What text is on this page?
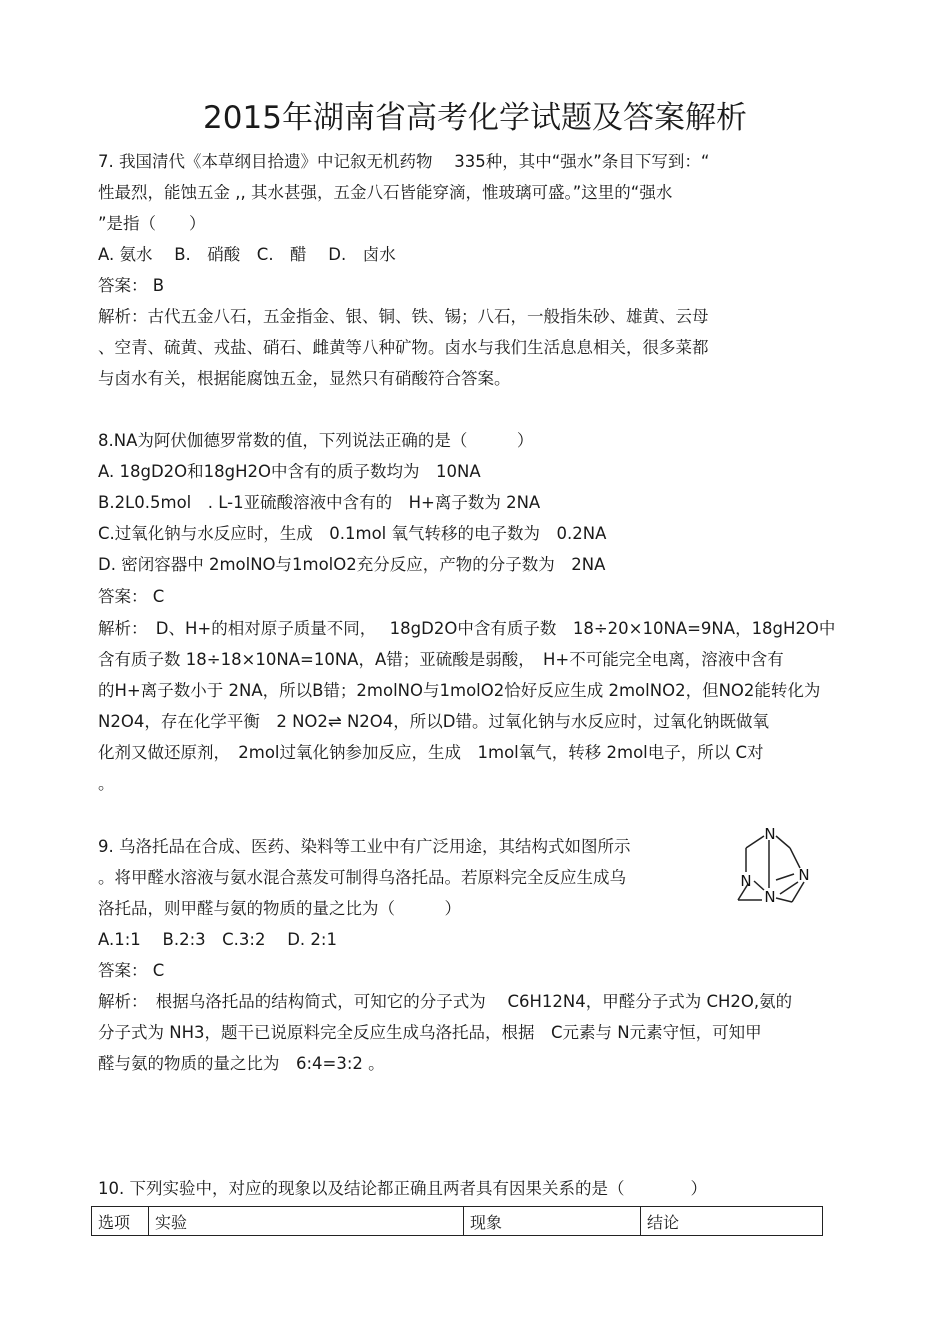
2015年湖南省高考化学试题及答案解析

7. 我国清代《本草纲目拾遗》中记叙无机药物　 335种，其中“强水”条目下写到：“

性最烈，能蚀五金 ,, 其水甚强，五金八石皆能穿滴，惟玻璃可盛。”这里的“强水

”是指（　　）

A. 氨水　 B.　硝酸　C.　醋　 D.　卤水

答案： B

解析：古代五金八石，五金指金、银、铜、铁、锡；八石，一般指朱砂、雄黄、云母

、空青、硫黄、戎盐、硝石、雌黄等八种矿物。卤水与我们生活息息相关，很多菜都

与卤水有关，根据能腐蚀五金，显然只有硝酸符合答案。

8.NA为阿伏伽德罗常数的值，下列说法正确的是（　　　）

A. 18gD2O和18gH2O中含有的质子数均为　10NA

B.2L0.5mol　. L-1亚硫酸溶液中含有的　H+离子数为 2NA

C.过氧化钠与水反应时，生成　0.1mol 氧气转移的电子数为　0.2NA

D. 密闭容器中 2molNO与1molO2充分反应，产物的分子数为　2NA

答案： C

解析：　D、H+的相对原子质量不同，　 18gD2O中含有质子数　18÷20×10NA=9NA，18gH2O中

含有质子数 18÷18×10NA=10NA，A错；亚硫酸是弱酸，　H+不可能完全电离，溶液中含有

的H+离子数小于 2NA，所以B错；2molNO与1molO2恰好反应生成 2molNO2，但NO2能转化为

N2O4，存在化学平衡　2 NO2⇌ N2O4，所以D错。过氧化钠与水反应时，过氧化钠既做氧

化剂又做还原剂，　2mol过氧化钠参加反应，生成　1mol氧气，转移 2mol电子，所以 C对

。

9. 乌洛托品在合成、医药、染料等工业中有广泛用途，其结构式如图所示

。将甲醛水溶液与氨水混合蒸发可制得乌洛托品。若原料完全反应生成乌

洛托品，则甲醛与氨的物质的量之比为（　　　）

A.1:1　 B.2:3　C.3:2　 D. 2:1

答案： C

解析：　根据乌洛托品的结构简式，可知它的分子式为　 C6H12N4，甲醛分子式为 CH2O,氨的

分子式为 NH3，题干已说原料完全反应生成乌洛托品，根据　C元素与 N元素守恒，可知甲

醛与氨的物质的量之比为　6:4=3:2 。

N
N	N
N

10. 下列实验中，对应的现象以及结论都正确且两者具有因果关系的是（　　　　）

选项	实验	现象	结论
